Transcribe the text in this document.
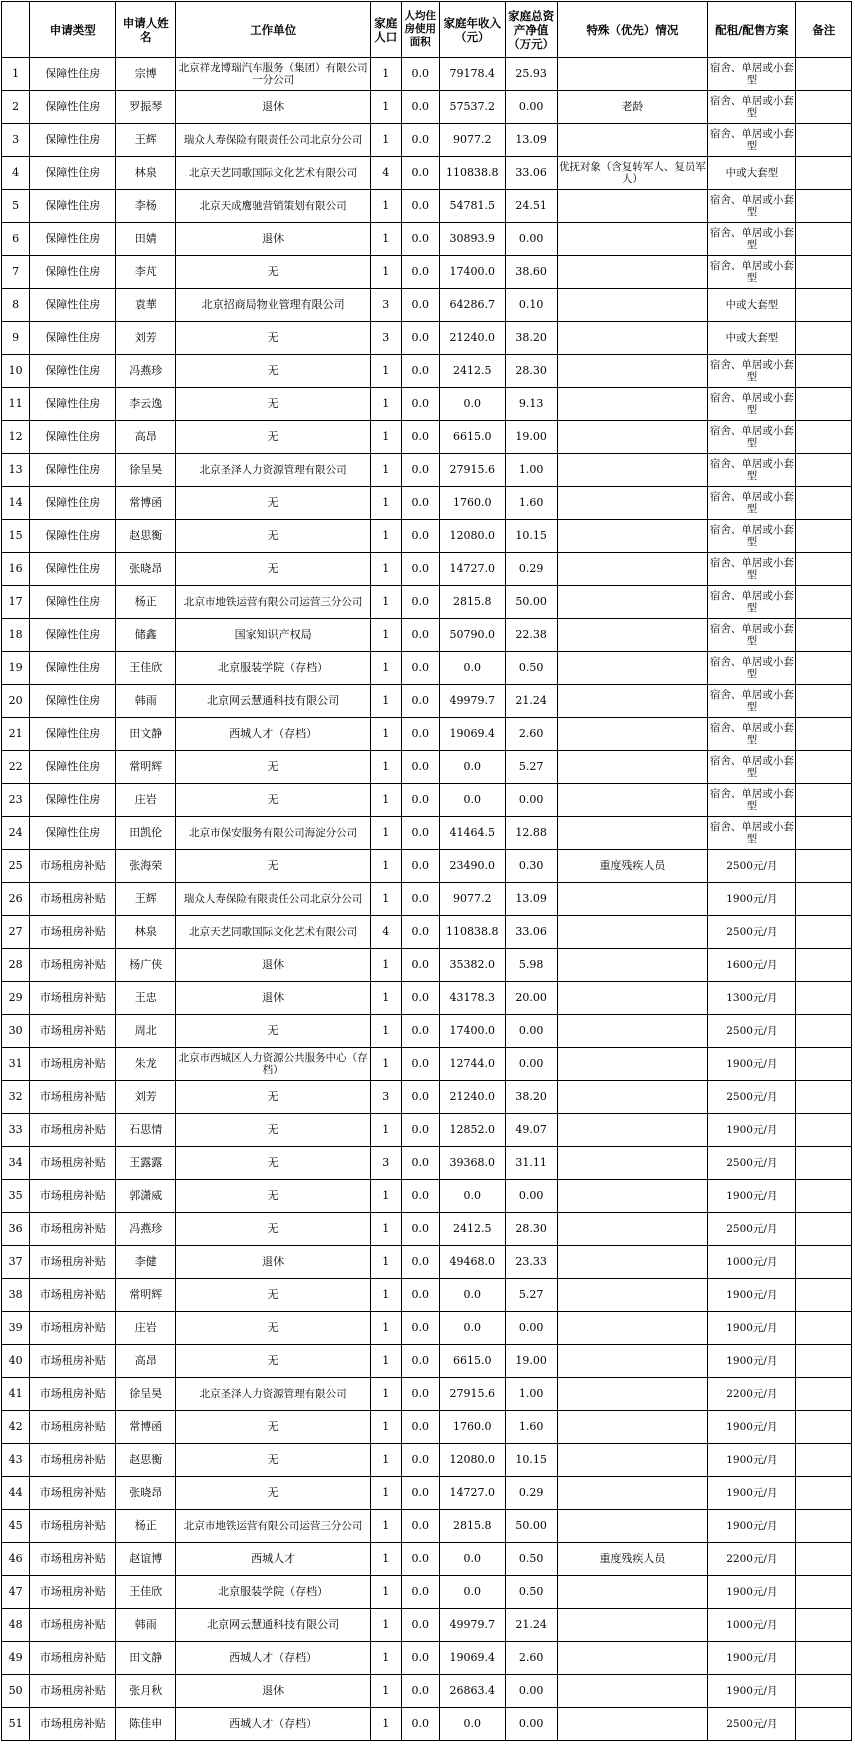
	申请类型	申请人姓名	工作单位	家庭人口	人均住房使用面积	家庭年收入（元）	家庭总资产净值（万元）	特殊（优先）情况	配租/配售方案	备注
1	保障性住房	宗博	北京祥龙博瑞汽车服务（集团）有限公司一分公司	1	0.0	79178.4	25.93		宿舍、单居或小套型	
2	保障性住房	罗振琴	退休	1	0.0	57537.2	0.00	老龄	宿舍、单居或小套型	
3	保障性住房	王辉	瑞众人寿保险有限责任公司北京分公司	1	0.0	9077.2	13.09		宿舍、单居或小套型	
4	保障性住房	林泉	北京天艺同歌国际文化艺术有限公司	4	0.0	110838.8	33.06	优抚对象（含复转军人、复员军人）	中或大套型	
5	保障性住房	李杨	北京天成鹰驰营销策划有限公司	1	0.0	54781.5	24.51		宿舍、单居或小套型	
6	保障性住房	田婧	退休	1	0.0	30893.9	0.00		宿舍、单居或小套型	
7	保障性住房	李芃	无	1	0.0	17400.0	38.60		宿舍、单居或小套型	
8	保障性住房	袁華	北京招商局物业管理有限公司	3	0.0	64286.7	0.10		中或大套型	
9	保障性住房	刘芳	无	3	0.0	21240.0	38.20		中或大套型	
10	保障性住房	冯燕珍	无	1	0.0	2412.5	28.30		宿舍、单居或小套型	
11	保障性住房	李云逸	无	1	0.0	0.0	9.13		宿舍、单居或小套型	
12	保障性住房	高昂	无	1	0.0	6615.0	19.00		宿舍、单居或小套型	
13	保障性住房	徐呈昊	北京圣泽人力资源管理有限公司	1	0.0	27915.6	1.00		宿舍、单居或小套型	
14	保障性住房	常博函	无	1	0.0	1760.0	1.60		宿舍、单居或小套型	
15	保障性住房	赵思衡	无	1	0.0	12080.0	10.15		宿舍、单居或小套型	
16	保障性住房	张晓昂	无	1	0.0	14727.0	0.29		宿舍、单居或小套型	
17	保障性住房	杨正	北京市地铁运营有限公司运营三分公司	1	0.0	2815.8	50.00		宿舍、单居或小套型	
18	保障性住房	储鑫	国家知识产权局	1	0.0	50790.0	22.38		宿舍、单居或小套型	
19	保障性住房	王佳欣	北京服装学院（存档）	1	0.0	0.0	0.50		宿舍、单居或小套型	
20	保障性住房	韩雨	北京网云慧通科技有限公司	1	0.0	49979.7	21.24		宿舍、单居或小套型	
21	保障性住房	田文静	西城人才（存档）	1	0.0	19069.4	2.60		宿舍、单居或小套型	
22	保障性住房	常明辉	无	1	0.0	0.0	5.27		宿舍、单居或小套型	
23	保障性住房	庄岩	无	1	0.0	0.0	0.00		宿舍、单居或小套型	
24	保障性住房	田凯伦	北京市保安服务有限公司海淀分公司	1	0.0	41464.5	12.88		宿舍、单居或小套型	
25	市场租房补贴	张海荣	无	1	0.0	23490.0	0.30	重度残疾人员	2500元/月	
26	市场租房补贴	王辉	瑞众人寿保险有限责任公司北京分公司	1	0.0	9077.2	13.09		1900元/月	
27	市场租房补贴	林泉	北京天艺同歌国际文化艺术有限公司	4	0.0	110838.8	33.06		2500元/月	
28	市场租房补贴	杨广侠	退休	1	0.0	35382.0	5.98		1600元/月	
29	市场租房补贴	王忠	退休	1	0.0	43178.3	20.00		1300元/月	
30	市场租房补贴	周北	无	1	0.0	17400.0	0.00		2500元/月	
31	市场租房补贴	朱龙	北京市西城区人力资源公共服务中心（存档）	1	0.0	12744.0	0.00		1900元/月	
32	市场租房补贴	刘芳	无	3	0.0	21240.0	38.20		2500元/月	
33	市场租房补贴	石思情	无	1	0.0	12852.0	49.07		1900元/月	
34	市场租房补贴	王露露	无	3	0.0	39368.0	31.11		2500元/月	
35	市场租房补贴	郭潇威	无	1	0.0	0.0	0.00		1900元/月	
36	市场租房补贴	冯燕珍	无	1	0.0	2412.5	28.30		2500元/月	
37	市场租房补贴	李健	退休	1	0.0	49468.0	23.33		1000元/月	
38	市场租房补贴	常明辉	无	1	0.0	0.0	5.27		1900元/月	
39	市场租房补贴	庄岩	无	1	0.0	0.0	0.00		1900元/月	
40	市场租房补贴	高昂	无	1	0.0	6615.0	19.00		1900元/月	
41	市场租房补贴	徐呈昊	北京圣泽人力资源管理有限公司	1	0.0	27915.6	1.00		2200元/月	
42	市场租房补贴	常博函	无	1	0.0	1760.0	1.60		1900元/月	
43	市场租房补贴	赵思衡	无	1	0.0	12080.0	10.15		1900元/月	
44	市场租房补贴	张晓昂	无	1	0.0	14727.0	0.29		1900元/月	
45	市场租房补贴	杨正	北京市地铁运营有限公司运营三分公司	1	0.0	2815.8	50.00		1900元/月	
46	市场租房补贴	赵谊博	西城人才	1	0.0	0.0	0.50	重度残疾人员	2200元/月	
47	市场租房补贴	王佳欣	北京服装学院（存档）	1	0.0	0.0	0.50		1900元/月	
48	市场租房补贴	韩雨	北京网云慧通科技有限公司	1	0.0	49979.7	21.24		1000元/月	
49	市场租房补贴	田文静	西城人才（存档）	1	0.0	19069.4	2.60		1900元/月	
50	市场租房补贴	张月秋	退休	1	0.0	26863.4	0.00		1900元/月	
51	市场租房补贴	陈佳申	西城人才（存档）	1	0.0	0.0	0.00		2500元/月	
